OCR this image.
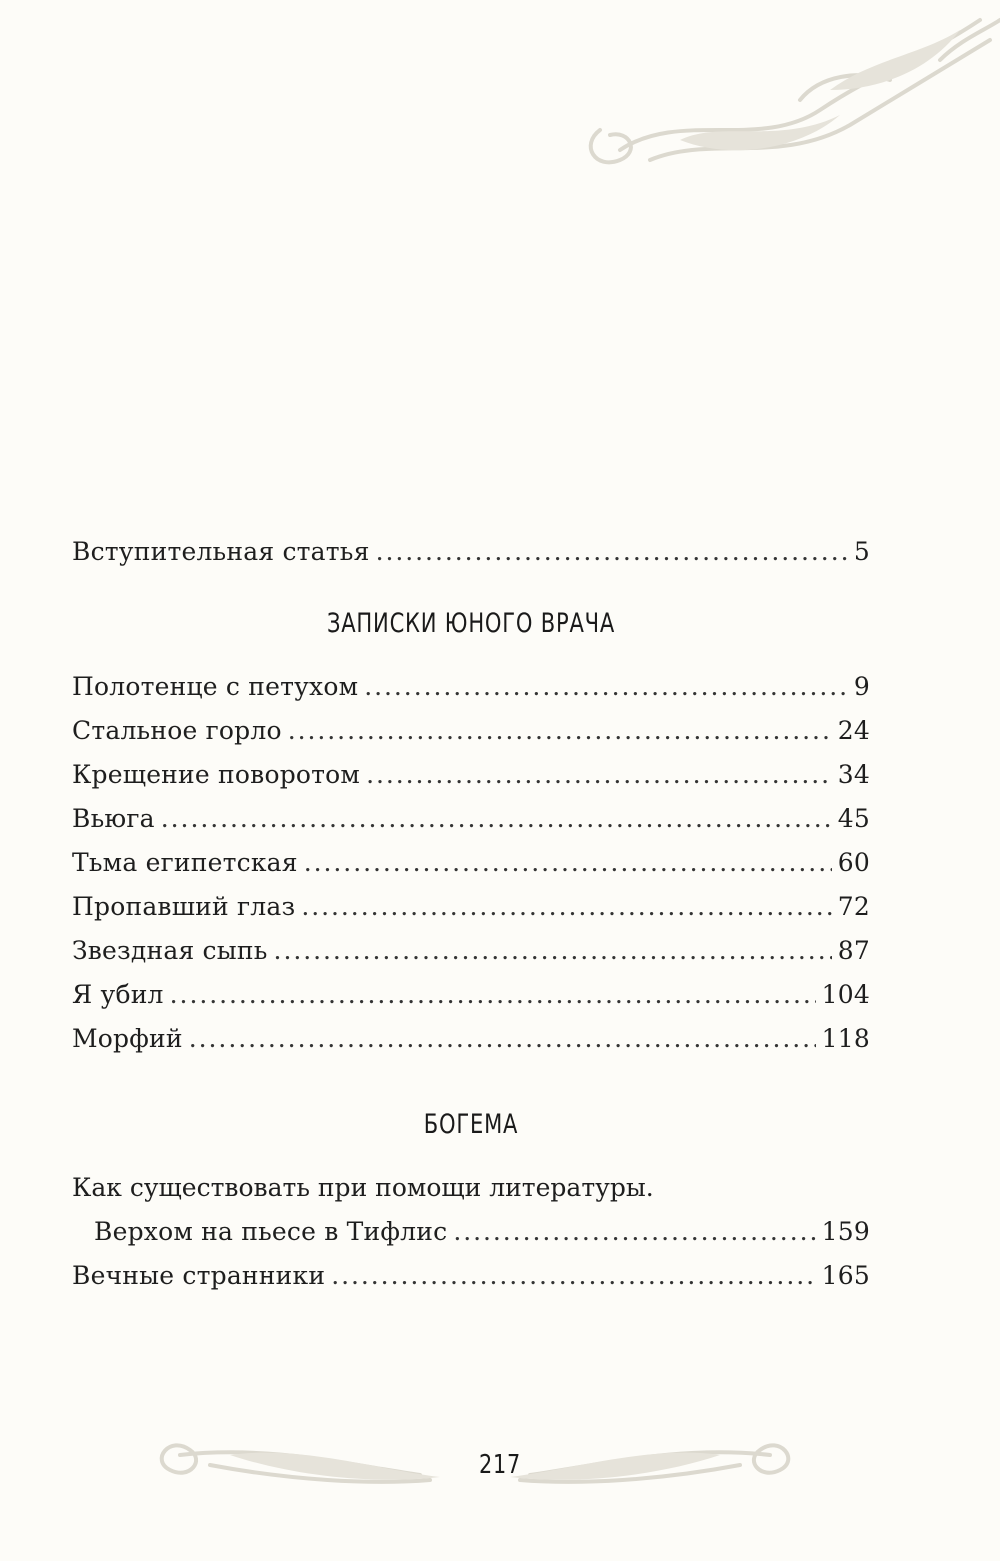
Вступительная статья . . .	5
ЗАПИСКИ ЮНОГО ВРАЧА
Полотенце с петухом . . .	9
Стальное горло . . .	24
Крещение поворотом . . .	34
Вьюга . . .	45
Тьма египетская . . .	60
Пропавший глаз . . .	72
Звездная сыпь . . .	87
Я убил . . .	104
Морфий . . .	118
БОГЕМА
Как существовать при помощи литературы.
Верхом на пьесе в Тифлис . . .	159
Вечные странники . . .	165
217
